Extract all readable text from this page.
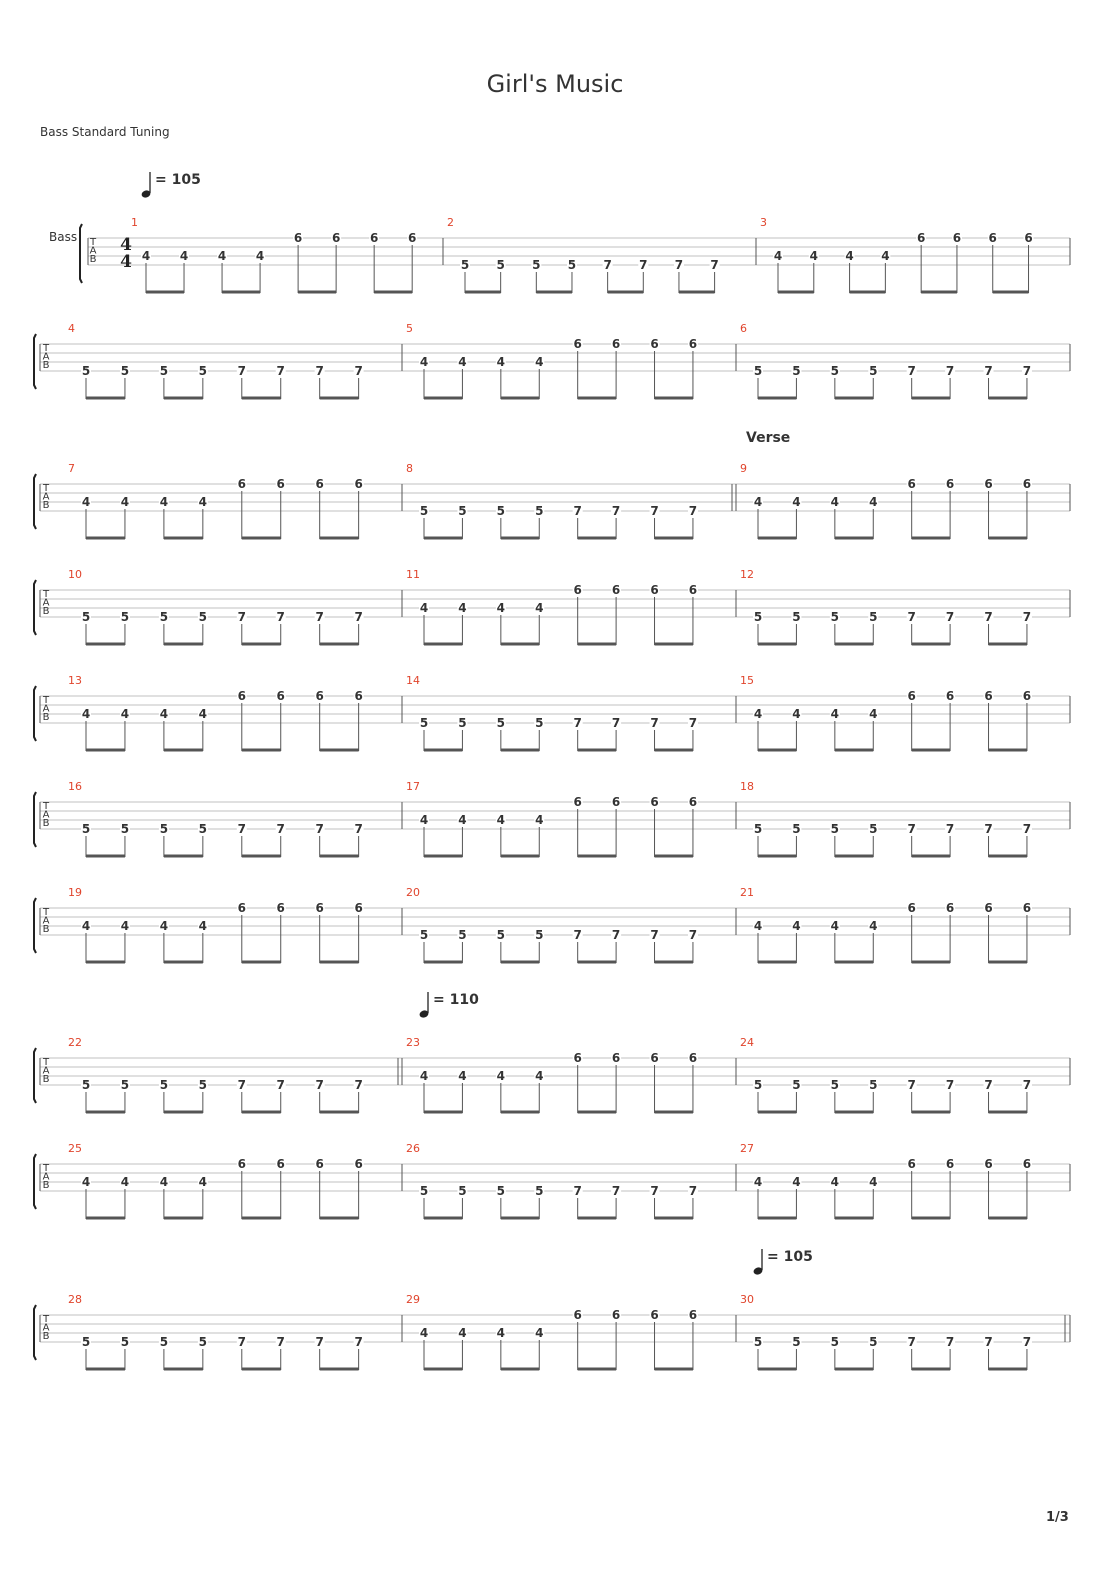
Girl's Music
Bass Standard Tuning
Bass T
A
B
4
4
1
4 4 4 4
6 6 6 6
2
5 5 5 5 7 7 7 7
3
4 4 4 4
6 6 6 6
= 105
T
A
B
4
5	5	5	5	7	7	7	7
5
4	4	4	4
6	6	6	6
6
5	5	5	5	7	7	7	7
T
A
B
7
4	4	4	4
6	6	6	6
8
5	5	5	5	7	7	7	7
9
4	4	4	4
6	6	6	6
Verse
T
A
B
10
5	5	5	5	7	7	7	7
11
4	4	4	4
6	6	6	6
12
5	5	5	5	7	7	7	7
T
A
B
13
4	4	4	4
6	6	6	6
14
5	5	5	5	7	7	7	7
15
4	4	4	4
6	6	6	6
T
A
B
16
5	5	5	5	7	7	7	7
17
4	4	4	4
6	6	6	6
18
5	5	5	5	7	7	7	7
T
A
B
19
4	4	4	4
6	6	6	6
20
5	5	5	5	7	7	7	7
21
4	4	4	4
6	6	6	6
T
A
B
22
5	5	5	5	7	7	7	7
23
4	4	4	4
6	6	6	6
24
5	5	5	5	7	7	7	7
= 110
T
A
B
25
4	4	4	4
6	6	6	6
26
5	5	5	5	7	7	7	7
27
4	4	4	4
6	6	6	6
T
A
B
28
5	5	5	5	7	7	7	7
29
4	4	4	4
6	6	6	6
30
5	5	5	5	7	7	7	7
= 105
1/3
